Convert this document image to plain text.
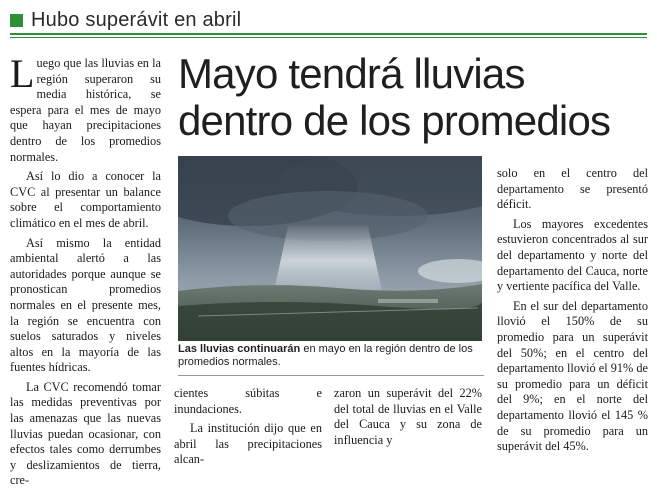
Hubo superávit en abril

Luego que las lluvias en la región superaron su media histórica, se espera para el mes de mayo que hayan precipitaciones dentro de los promedios normales.

Así lo dio a conocer la CVC al presentar un balance sobre el comportamiento climático en el mes de abril.

Así mismo la entidad ambiental alertó a las autoridades porque aunque se pronostican promedios normales en el presente mes, la región se encuentra con suelos saturados y niveles altos en la mayoría de las fuentes hídricas.

La CVC recomendó tomar las medidas preventivas por las amenazas que las nuevas lluvias puedan ocasionar, con efectos tales como derrumbes y deslizamientos de tierra, cre-

Mayo tendrá lluvias
dentro de los promedios
Las lluvias continuarán en mayo en la región dentro de los promedios normales.

cientes súbitas e inundaciones.

La institución dijo que en abril las precipitaciones alcan-

zaron un superávit del 22% del total de lluvias en el Valle del Cauca y su zona de influencia y

solo en el centro del departamento se presentó déficit.

Los mayores excedentes estuvieron concentrados al sur del departamento y norte del departamento del Cauca, norte y vertiente pacífica del Valle.

En el sur del departamento llovió el 150% de su promedio para un superávit del 50%; en el centro del departamento llovió el 91% de su promedio para un déficit del 9%; en el norte del departamento llovió el 145 % de su promedio para un superávit del 45%.
